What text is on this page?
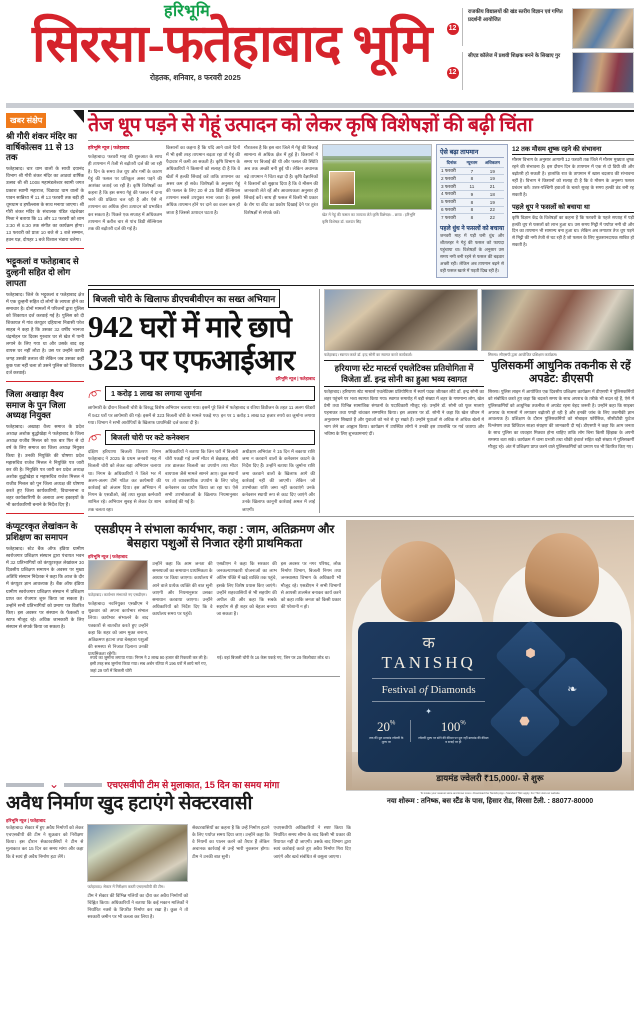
हरिभूमि
सिरसा-फतेहाबाद भूमि
रोहतक, शनिवार, 8 फरवरी 2025
12
राजकीय विद्यालयों की खंड स्तरीय विज्ञान एवं गणित प्रदर्शनी आयोजित
12
सीएड कॉलेज में प्रशवी शिक्षक बनने के सिखाए गुर
खबर संक्षेप
श्री गौरी शंकर मंदिर का वार्षिकोत्सव 11 से 13 तक
फतेहाबाद। चार धाम वालों के साथी दयानंद विभाग श्री गौरी शंकर मंदिर का आठवां वार्षिक उत्सव श्री श्री 1008 महामंडलेश्वर स्वामी जगत प्रकाश स्वामी महाराज, चिडावट धाम वालों के पावन सान्निध्य में 11 से 13 फरवरी तक बड़ी ही धूमधाम व हर्षोल्लास के साथ मनाया जाएगा। श्री गौरी शंकर मंदिर के संचालक पंडित चंद्रशेखर मिश्रा ने बताया कि 11 और 12 फरवरी को शाम 3:30 से 6:30 तक संगीत का कार्यक्रम होगा। 13 फरवरी को प्रातः 10 बजे से 1 बजे सम्मान, हवन यज्ञ, दोपहर 1 बजे विशाल भंडारा चलेगा।
भट्टूकलां व फतेहाबाद से दुल्हनी सहित दो लोग लापता
फतेहाबाद। जिले के भट्टूकलां व फतेहाबाद क्षेत्र में एक दुल्हनी सहित दो लोगों के लापता होने का समाचार है। दोनों मामलों में परिजनों द्वारा पुलिस को शिकायत दर्ज करवाई गई है। पुलिस को दी शिकायत में गांव कंप्यूटर दहियाना निवासी परेश साहब ने कहा है कि उसका 32 वर्षीय भानजा चंद्रमोहन घर दिवस गुरुवार घर से खेत में पानी लगाने के लिए गया था और उसके बाद वह वापस घर नहीं लौटा है। उस पर उन्होंने काफी जगह उसकी तलाश की लेकिन जब उसका कहीं कुछ पता नहीं चला तो उसने पुलिस को शिकायत दर्ज करवाई।
जिला अखाड़ा वैश्य समाज के पुन जिला अध्यक्ष नियुक्त
फतेहाबाद। अखाड़ा वैश्य समाज के प्रदेश अध्यक्ष अशोक बुद्धोखेड़ा ने फतेहाबाद के जिला अध्यक्ष राजीव मित्तल को एक बार फिर से दो वर्ष के लिए समाज का जिला अध्यक्ष नियुक्त किया है। उनकी नियुक्ति की घोषणा प्रदेश महासचिव राजेश मित्तल ने नियुक्ति पत्र जारी कर की है। नियुक्ति पत्र जारी कर प्रदेश अध्यक्ष अशोक बुद्धोखेड़ा व महासचिव राजेश मित्तल ने राजीव मित्तल को पुन जिला अध्यक्ष की घोषणा करते हुए जिला कार्यकारिणी, विधानसभा व शहर कार्यकारिणी के अलावा अन्य इकाइयों के भी कार्यकारिणी बनाने के निर्देश दिए हैं।
कंप्यूटरकृत लेखांकन के प्रशिक्षण का समापन
फतेहाबाद। स्टेट बैंक ऑफ इंडिया ग्रामीण स्वरोजगार प्रशिक्षण संस्थान द्वारा पंचायत भवन में 32 प्रतिभागियों को कंप्यूटरकृत लेखांकन 30 दिवसीय प्रशिक्षण समापन के अवसर पर मुख्य अतिथि संस्थान निदेशक ने कहा कि आज के दौर में कंप्यूटर ज्ञान आवश्यक है। बैंक ऑफ इंडिया ग्रामीण स्वरोजगार प्रशिक्षण संस्थान में प्रशिक्षण प्राप्त कर रोजगार शुरू किया जा सकता है। उन्होंने सभी प्रतिभागियों को प्रमाण पत्र वितरित किए। इस अवसर पर संस्थान के फैकल्टी व स्टाफ मौजूद रहे। अधिक जानकारी के लिए संस्थान से संपर्क किया जा सकता है।
तेज धूप पड़ने से गेहूं उत्पादन को लेकर कृषि विशेषज्ञों की बढ़ी चिंता
हरिभूमि न्यूज | फतेहाबाद
फतेहाबाद। फरवरी माह की शुरुआत के साथ ही तापमान में तेजी से बढ़ोतरी दर्ज की जा रही है। दिन के समय तेज धूप और गर्मी के कारण गेहूं की फसल पर प्रतिकूल असर पड़ने की आशंका जताई जा रही है। कृषि विशेषज्ञों का कहना है कि इस समय गेहूं की फसल में दाना भरने की प्रक्रिया चल रही है और ऐसे में तापमान का अधिक होना उत्पादन को प्रभावित कर सकता है। पिछले एक सप्ताह में अधिकतम तापमान में करीब चार से पांच डिग्री सेल्सियस तक की बढ़ोतरी दर्ज की गई है।
किसानों का कहना है कि यदि आने वाले दिनों में भी इसी तरह तापमान बढ़ता रहा तो गेहूं की पैदावार में कमी आ सकती है। कृषि विभाग के अधिकारियों ने किसानों को सलाह दी है कि वे खेतों में हल्की सिंचाई करें ताकि तापमान का असर कम हो सके। विशेषज्ञों के अनुसार गेहूं की फसल के लिए 20 से 25 डिग्री सेल्सियस तापमान सबसे उपयुक्त माना जाता है। इससे अधिक तापमान होने पर दाने का वजन कम हो जाता है जिससे उत्पादन घटता है।
गौरतलब है कि इस बार जिले में गेहूं की बिजाई सामान्य से अधिक क्षेत्र में हुई है। किसानों ने समय पर बिजाई की थी और फसल की स्थिति अब तक अच्छी बनी हुई थी। लेकिन अचानक बढ़े तापमान ने चिंता बढ़ा दी है। कृषि वैज्ञानिकों ने किसानों को सुझाव दिया है कि वे मौसम की जानकारी लेते रहें और आवश्यकता अनुसार ही सिंचाई करें। साथ ही फसल में किसी भी प्रकार के रोग या कीट का प्रकोप दिखाई देने पर तुरंत विशेषज्ञों से संपर्क करें।
खेत में गेहूं की फसल का जायजा लेते कृषि विशेषज्ञ। - छाया : हरिभूमि
कृषि विशेषज्ञ डॉ. बलवंत सिंह
ऐसे बढ़ा तापमान
दिनांक	न्यूनतम	अधिकतम
1 फरवरी	7	19
2 फरवरी	8	19
3 फरवरी	11	21
4 फरवरी	9	18
5 फरवरी	8	19
6 फरवरी	8	22
7 फरवरी	8	22
पहले धुंध ने फसलों को बचाया
जनवरी माह में पड़ी घनी धुंध और शीतलहर ने गेहूं की फसल को फायदा पहुंचाया था। विशेषज्ञों के अनुसार उस समय नमी बनी रहने से फसल की बढ़वार अच्छी रही। लेकिन अब तापमान बढ़ने से वही फसल खतरे में पड़ती दिख रही है।
12 तक मौसम शुष्क रहने की संभावना
मौसम विभाग के अनुसार आगामी 12 फरवरी तक जिले में मौसम मुख्यतः शुष्क रहने की संभावना है। इस दौरान दिन के तापमान में एक से दो डिग्री की और बढ़ोतरी हो सकती है। हालांकि रात के तापमान में खास बदलाव की संभावना नहीं है। विभाग ने किसानों को सलाह दी है कि वे मौसम के अनुरूप फसल प्रबंधन करें। उत्तर-पश्चिमी हवाओं के चलते सुबह के समय हल्की ठंड बनी रह सकती है।
पहले धूप ने फसलों को बचाया था
कृषि विज्ञान केंद्र के विशेषज्ञों का कहना है कि फरवरी के पहले सप्ताह में पड़ी हल्की धूप से फसलों को लाभ हुआ था। उस समय मिट्टी में पर्याप्त नमी थी और दिन का तापमान भी सामान्य बना हुआ था। लेकिन अब लगातार तेज धूप पड़ने से मिट्टी की नमी तेजी से घट रही है जो फसल के लिए नुकसानदायक साबित हो सकती है।
बिजली चोरी के खिलाफ डीएचबीवीएन का सख्त अभियान
942 घरों में मारे छापे
323 पर एफआईआर
हरिभूमि न्यूज | फतेहाबाद
1 करोड़ 1 लाख का लगाया जुर्माना
छापेमारी के दौरान बिजली चोरी के विरुद्ध विशेष अभियान चलाया गया। इसमें पूरे जिले में फतेहाबाद व रतिया डिवीजन के तहत 11 अलग फीडरों में 942 घरों पर छापेमारी की गई। इसमें से 323 बिजली चोरी के मामले पकड़े गए। इन पर 1 करोड़ 1 लाख 52 हजार रुपये का जुर्माना लगाया गया। विभाग ने सभी आरोपियों के खिलाफ प्राथमिकी दर्ज करवा दी है।
बिजली चोरी पर कटे कनेक्शन
दक्षिण हरियाणा बिजली वितरण निगम फतेहाबाद ने 2025 के प्रथम जनवरी माह में बिजली चोरी को लेकर बड़ा अभियान चलाया था। निगम के अधिकारियों ने जिले भर में अलग-अलग टीमें गठित कर छापेमारी की कार्रवाई को अंजाम दिया। इस अभियान में निगम के एसडीओ, जेई तथा सुरक्षा कर्मचारी शामिल रहे। अभियान सुबह से लेकर देर शाम तक चलता रहा।
अधिकारियों ने बताया कि जिन घरों में बिजली चोरी पकड़ी गई उनमें मीटर से छेड़छाड़, सीधे तार डालकर बिजली का उपयोग तथा मीटर बायपास जैसे मामले सामने आए। कुछ स्थानों पर तो व्यावसायिक उपयोग के लिए घरेलू कनेक्शन का प्रयोग किया जा रहा था। ऐसे सभी उपभोक्ताओं के खिलाफ नियमानुसार कार्रवाई की गई है।
अधीक्षण अभियंता ने 15 दिन में बकाया राशि जमा न करवाने वालों के कनेक्शन काटने के निर्देश दिए हैं। उन्होंने बताया कि जुर्माना राशि जमा करवाने वालों के खिलाफ आगे की कार्रवाई नहीं की जाएगी। लेकिन जो उपभोक्ता राशि जमा नहीं करवाएंगे उनके कनेक्शन स्थायी रूप से काट दिए जाएंगे और उनके खिलाफ कानूनी कार्रवाई अमल में लाई जाएगी।
फतेहाबाद। स्वागत करते डॉ. इन्द्र सोनी का स्वागत करते कार्यकर्ता।
हरियाणा स्टेट मास्टर्स एथलेटिक्स प्रतियोगिता में विजेता डॉ. इन्द्र सोनी का हुआ भव्य स्वागत
फतेहाबाद। हरियाणा स्टेट मास्टर्स एथलेटिक्स प्रतियोगिता में स्वर्ण पदक जीतकर लौटे डॉ. इन्द्र सोनी का शहर पहुंचने पर भव्य स्वागत किया गया। स्वागत समारोह में बड़ी संख्या में शहर के गणमान्य लोग, खेल प्रेमी तथा विभिन्न सामाजिक संगठनों के पदाधिकारी मौजूद रहे। उन्होंने डॉ. सोनी को फूल मालाएं पहनाकर तथा पगड़ी बांधकर सम्मानित किया। इस अवसर पर डॉ. सोनी ने कहा कि खेल जीवन में अनुशासन सिखाते हैं और युवाओं को नशे से दूर रखते हैं। उन्होंने युवाओं से अधिक से अधिक खेलों में भाग लेने का आह्वान किया। कार्यक्रम में उपस्थित लोगों ने उनकी इस उपलब्धि पर गर्व जताया और भविष्य के लिए शुभकामनाएं दीं।
सिरसा। सीएसपी द्वारा आयोजित प्रशिक्षण कार्यक्रम।
पुलिसकर्मी आधुनिक तकनीक से रहें अपडेट: डीएसपी
सिरसा। पुलिस लाइन में आयोजित एक दिवसीय प्रशिक्षण कार्यक्रम में डीएसपी ने पुलिसकर्मियों को संबोधित करते हुए कहा कि बदलते समय के साथ अपराध के तरीके भी बदल रहे हैं, ऐसे में पुलिसकर्मियों को आधुनिक तकनीक से अपडेट रहना बेहद जरूरी है। उन्होंने कहा कि साइबर अपराध के मामलों में लगातार बढ़ोतरी हो रही है और इनकी जांच के लिए तकनीकी ज्ञान आवश्यक है। प्रशिक्षण के दौरान पुलिसकर्मियों को मोबाइल फोरेंसिक, सीसीटीवी फुटेज विश्लेषण तथा डिजिटल साक्ष्य संग्रहण की जानकारी दी गई। डीएसपी ने कहा कि आम जनता के साथ पुलिस का व्यवहार मित्रवत होना चाहिए ताकि लोग बिना किसी झिझक के अपनी समस्या बता सकें। कार्यक्रम में थाना प्रभारी तथा चौकी इंचार्ज सहित बड़ी संख्या में पुलिसकर्मी मौजूद रहे। अंत में प्रशिक्षण प्राप्त करने वाले पुलिसकर्मियों को प्रमाण पत्र भी वितरित किए गए।
एसडीएम ने संभाला कार्यभार, कहा : जाम, अतिक्रमण और बेसहारा पशुओं से निजात रहेगी प्राथमिकता
हरिभूमि न्यूज | फतेहाबाद
फतेहाबाद। कार्यभार संभालते नए एसडीएम।
फतेहाबाद। नवनियुक्त एसडीएम ने शुक्रवार को अपना कार्यभार संभाल लिया। कार्यभार संभालने के बाद पत्रकारों से बातचीत करते हुए उन्होंने कहा कि शहर को जाम मुक्त बनाना, अतिक्रमण हटाना तथा बेसहारा पशुओं की समस्या से निजात दिलाना उनकी प्राथमिकता रहेगी।
उन्होंने कहा कि आम जनता की समस्याओं का समाधान प्राथमिकता के आधार पर किया जाएगा। कार्यालय में आने वाले प्रत्येक व्यक्ति की बात सुनी जाएगी और नियमानुसार उसका समाधान करवाया जाएगा। उन्होंने अधिकारियों को निर्देश दिए कि वे कार्यालय समय पर पहुंचें।
एसडीएम ने कहा कि सरकार की जनकल्याणकारी योजनाओं का लाभ अंतिम पंक्ति में खड़े व्यक्ति तक पहुंचे, इसके लिए विशेष प्रयास किए जाएंगे। उन्होंने शहरवासियों से भी सहयोग की अपील की और कहा कि सबके सहयोग से ही शहर को बेहतर बनाया जा सकता है।
इस अवसर पर नगर परिषद, लोक निर्माण विभाग, बिजली निगम तथा जनस्वास्थ्य विभाग के अधिकारी भी मौजूद रहे। एसडीएम ने सभी विभागों से आपसी तालमेल बनाकर कार्य करने को कहा ताकि जनता को किसी प्रकार की परेशानी न हो।
क
TANISHQ
Festival of Diamonds
✦
20%
तक की छूट डायमंड ज्वेलरी के मूल्य पर
100%
ज्वेलरी मूल्य पर सोने की कीमत पर छूट नहीं डायमंड की कीमत व बनाई पर ही
⬢
❧
⬣
डायमंड ज्वेलरी ₹15,000/- से शुरू
To locate your nearest store and know more • Download the Tanishq App • Standard T&C apply. For T&C visit our website
नया शोरूम : तनिष्क, बस स्टैंड के पास, हिसार रोड, सिरसा टैली. : 88077-80000
⌄	एचएसवीपी टीम से मुलाकात, 15 दिन का समय मांगा
अवैध निर्माण खुद हटाएंगे सेक्टरवासी
हरिभूमि न्यूज | फतेहाबाद
फतेहाबाद। सेक्टर में हुए अवैध निर्माणों को लेकर एचएसवीपी की टीम ने शुक्रवार को निरीक्षण किया। इस दौरान सेक्टरवासियों ने टीम से मुलाकात कर 15 दिन का समय मांगा और कहा कि वे स्वयं ही अवैध निर्माण हटा लेंगे।
फतेहाबाद। सेक्टर में निरीक्षण करती एचएसवीपी की टीम।
टीम ने सेक्टर की विभिन्न गलियों का दौरा कर अवैध निर्माणों को चिह्नित किया। अधिकारियों ने बताया कि कई मकान मालिकों ने निर्धारित नक्शे के विपरीत निर्माण कर रखा है। कुछ ने तो सरकारी जमीन पर भी कब्जा कर लिया है।
सेक्टरवासियों का कहना है कि उन्हें निर्माण हटाने के लिए पर्याप्त समय दिया जाए। उन्होंने कहा कि वे नियमों का पालन करने को तैयार हैं लेकिन अचानक कार्रवाई से उन्हें भारी नुकसान होगा। टीम ने उनकी बात सुनी।
एचएसवीपी अधिकारियों ने स्पष्ट किया कि निर्धारित समय सीमा के बाद किसी भी प्रकार की रियायत नहीं दी जाएगी। उसके बाद विभाग द्वारा स्वयं कार्रवाई करते हुए अवैध निर्माण गिरा दिए जाएंगे और खर्च संबंधित से वसूला जाएगा।
रुपये का जुर्माना लगाया गया। निगम ने 2 लाख 90 हजार की रिकवरी कर ली है। इसी तरह सब जुर्माना किया गया। सब अर्बन रतिया में 196 घरों में छापे मारे गए, जहां 29 घरों में बिजली चोरी
गई। वहां बिजली चोरी के 16 केस पकड़े गए, जिन पर 29 किलोवाट लोड था।
